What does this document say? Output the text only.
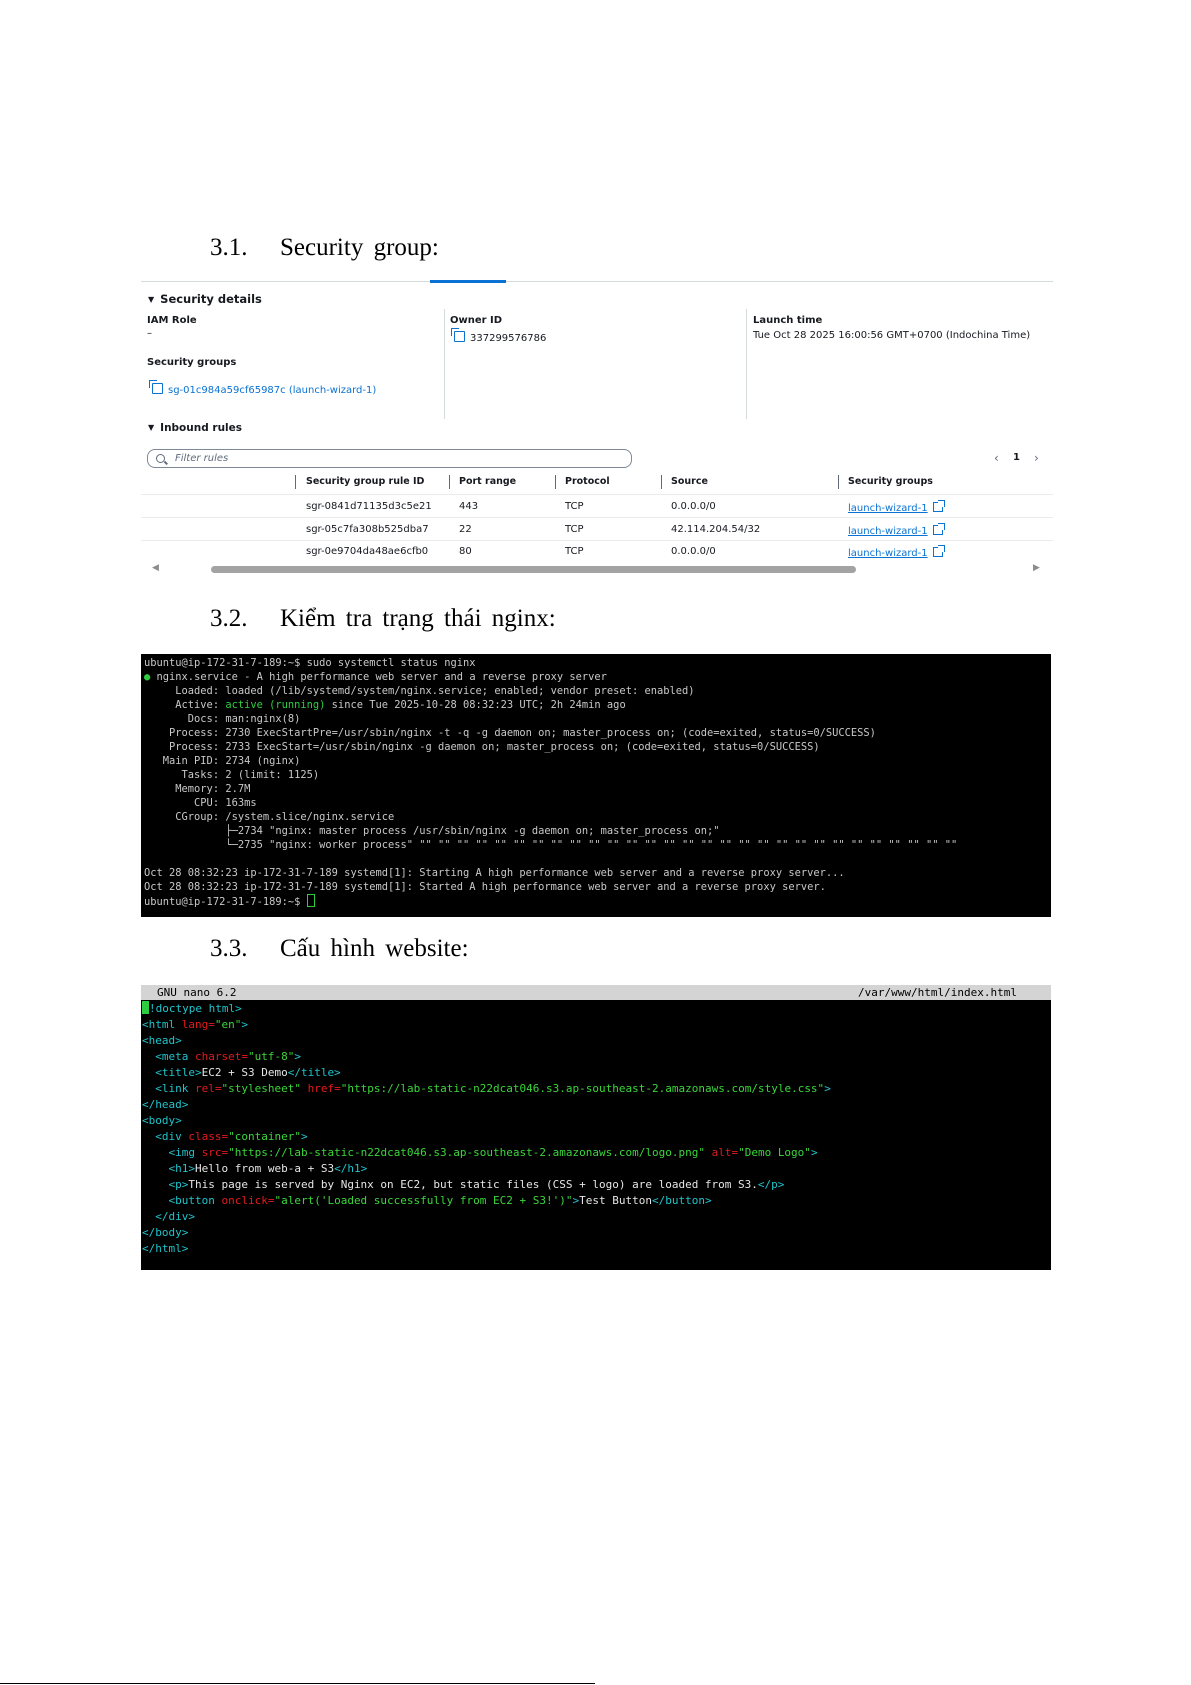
3.1. Security group:
3.2. Kiểm tra trạng thái nginx:
3.3. Cấu hình website:
▼ Security details
IAM Role
–
Owner ID
337299576786
Launch time
Tue Oct 28 2025 16:00:56 GMT+0700 (Indochina Time)
Security groups
sg-01c984a59cf65987c (launch-wizard-1)
▼ Inbound rules
Filter rules	‹ 1 ›
Security group rule ID	Port range	Protocol	Source	Security groups
sgr-0841d71135d3c5e21	443	TCP	0.0.0.0/0	launch-wizard-1
sgr-05c7fa308b525dba7	22	TCP	42.114.204.54/32	launch-wizard-1
sgr-0e9704da48ae6cfb0	80	TCP	0.0.0.0/0	launch-wizard-1
◀	▶
ubuntu@ip-172-31-7-189:~$ sudo systemctl status nginx
● nginx.service - A high performance web server and a reverse proxy server
Loaded: loaded (/lib/systemd/system/nginx.service; enabled; vendor preset: enabled)
Active: active (running) since Tue 2025-10-28 08:32:23 UTC; 2h 24min ago
Docs: man:nginx(8)
Process: 2730 ExecStartPre=/usr/sbin/nginx -t -q -g daemon on; master_process on; (code=exited, status=0/SUCCESS)
Process: 2733 ExecStart=/usr/sbin/nginx -g daemon on; master_process on; (code=exited, status=0/SUCCESS)
Main PID: 2734 (nginx)
Tasks: 2 (limit: 1125)
Memory: 2.7M
CPU: 163ms
CGroup: /system.slice/nginx.service
├─2734 "nginx: master process /usr/sbin/nginx -g daemon on; master_process on;"
└─2735 "nginx: worker process" "" "" "" "" "" "" "" "" "" "" "" "" "" "" "" "" "" "" "" "" "" "" "" "" "" "" "" "" ""
Oct 28 08:32:23 ip-172-31-7-189 systemd[1]: Starting A high performance web server and a reverse proxy server...
Oct 28 08:32:23 ip-172-31-7-189 systemd[1]: Started A high performance web server and a reverse proxy server.
ubuntu@ip-172-31-7-189:~$
GNU nano 6.2	/var/www/html/index.html
!doctype html>
<html lang="en">
<head>
<meta charset="utf-8">
<title>EC2 + S3 Demo</title>
<link rel="stylesheet" href="https://lab-static-n22dcat046.s3.ap-southeast-2.amazonaws.com/style.css">
</head>
<body>
<div class="container">
<img src="https://lab-static-n22dcat046.s3.ap-southeast-2.amazonaws.com/logo.png" alt="Demo Logo">
<h1>Hello from web-a + S3</h1>
<p>This page is served by Nginx on EC2, but static files (CSS + logo) are loaded from S3.</p>
<button onclick="alert('Loaded successfully from EC2 + S3!')">Test Button</button>
</div>
</body>
</html>
